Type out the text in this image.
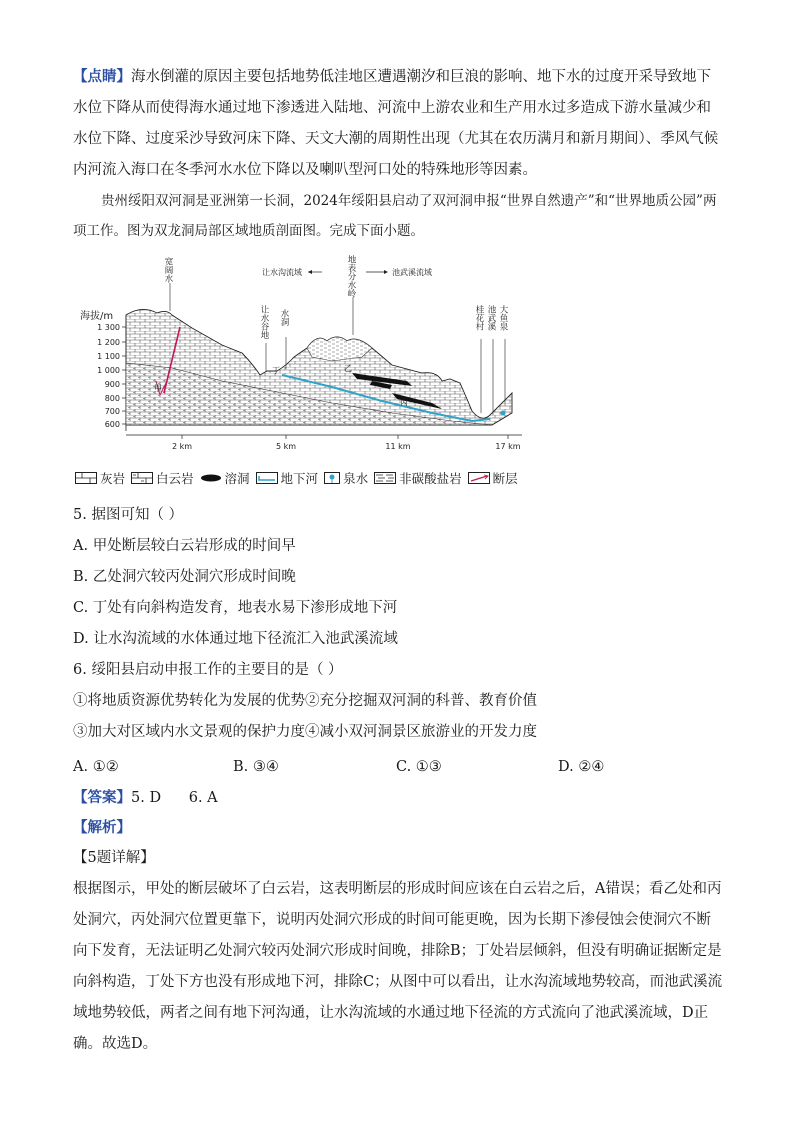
【点睛】海水倒灌的原因主要包括地势低洼地区遭遇潮汐和巨浪的影响、地下水的过度开采导致地下水位下降从而使得海水通过地下渗透进入陆地、河流中上游农业和生产用水过多造成下游水量减少和水位下降、过度采沙导致河床下降、天文大潮的周期性出现（尤其在农历满月和新月期间）、季风气候内河流入海口在冬季河水水位下降以及喇叭型河口处的特殊地形等因素。

贵州绥阳双河洞是亚洲第一长洞，2024年绥阳县启动了双河洞申报“世界自然遗产”和“世界地质公园”两项工作。图为双龙洞局部区域地质剖面图。完成下面小题。

海拔/m
1 300
1 200
1 100
1 000
900
800
700
600
2 km	5 km	11 km	17 km
宽阔水
让水谷地 水洞
地表分水岭
桂花村 池武溪 大鱼泉
让水沟流域	池武溪流域
甲
乙
丙
丁
灰岩 白云岩 溶洞 地下河 泉水 非碳酸盐岩 断层

5. 据图可知（ ）

A. 甲处断层较白云岩形成的时间早

B. 乙处洞穴较丙处洞穴形成时间晚

C. 丁处有向斜构造发育，地表水易下渗形成地下河

D. 让水沟流域的水体通过地下径流汇入池武溪流域

6. 绥阳县启动申报工作的主要目的是（ ）

①将地质资源优势转化为发展的优势②充分挖掘双河洞的科普、教育价值

③加大对区域内水文景观的保护力度④减小双河洞景区旅游业的开发力度

A. ①②	B. ③④	C. ①③	D. ②④

【答案】5. D      6. A

【解析】

【5题详解】

根据图示，甲处的断层破坏了白云岩，这表明断层的形成时间应该在白云岩之后，A错误；看乙处和丙处洞穴，丙处洞穴位置更靠下，说明丙处洞穴形成的时间可能更晚，因为长期下渗侵蚀会使洞穴不断向下发育，无法证明乙处洞穴较丙处洞穴形成时间晚，排除B；丁处岩层倾斜，但没有明确证据断定是向斜构造，丁处下方也没有形成地下河，排除C；从图中可以看出，让水沟流域地势较高，而池武溪流域地势较低，两者之间有地下河沟通，让水沟流域的水通过地下径流的方式流向了池武溪流域，D正确。故选D。
